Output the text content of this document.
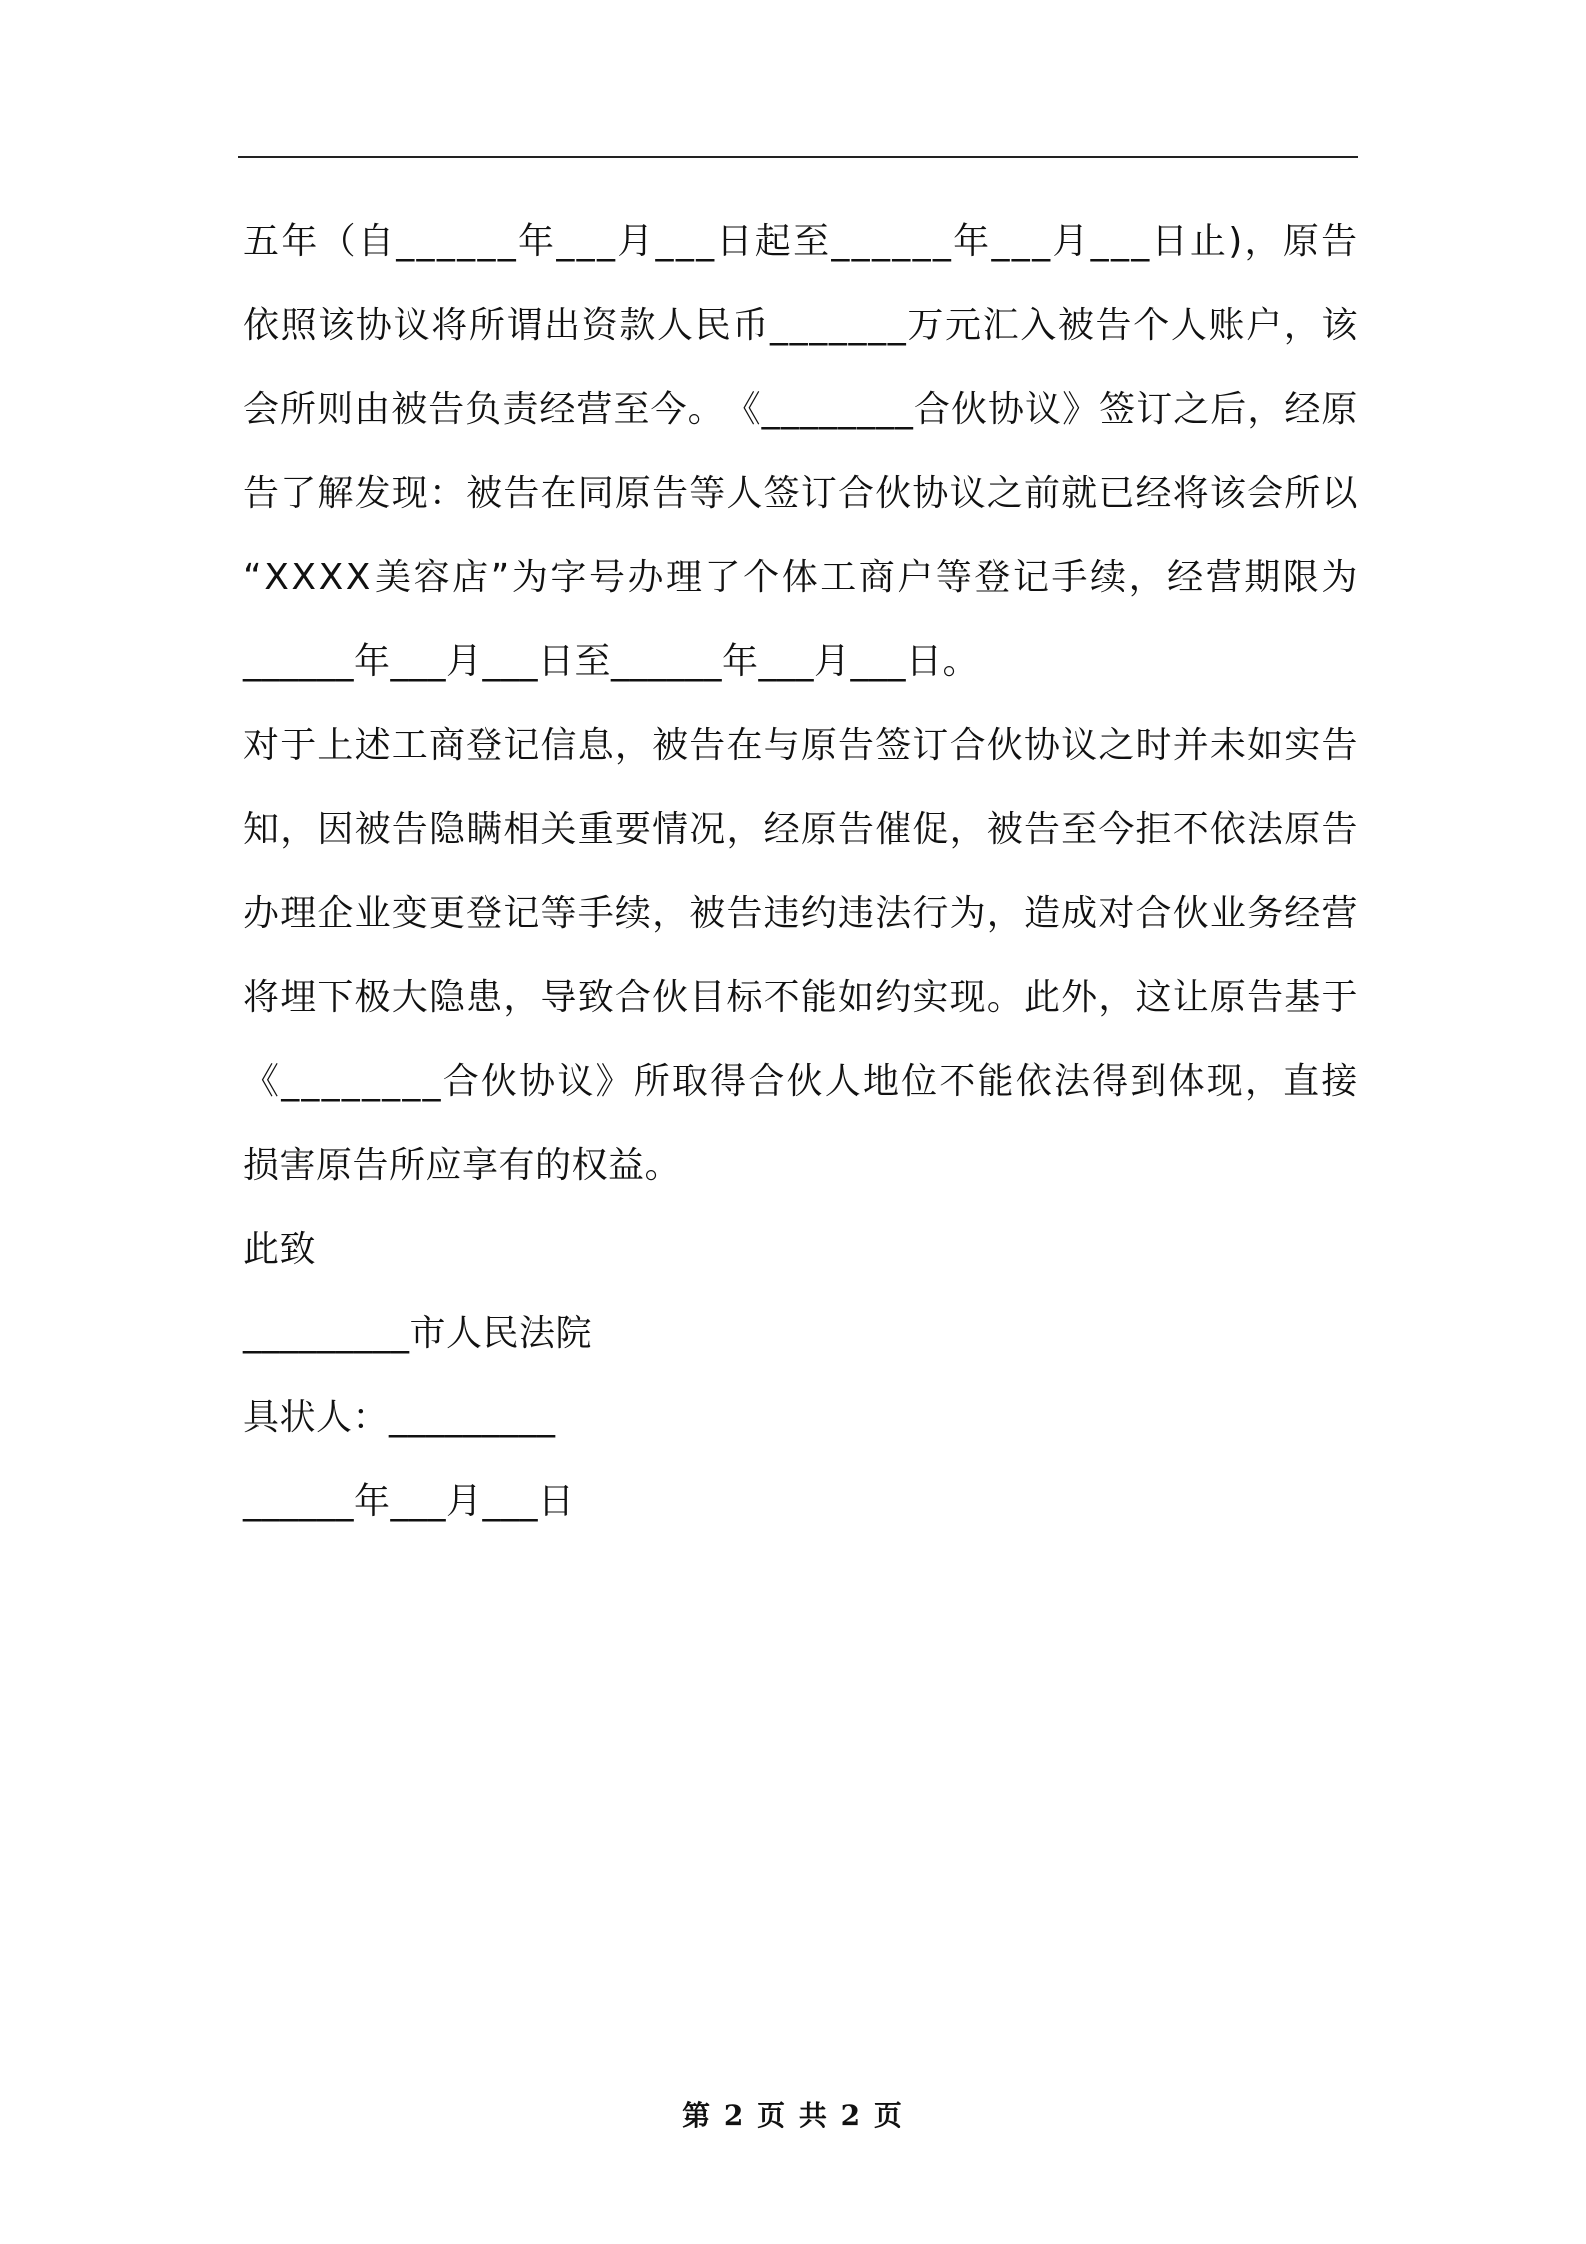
五 年 （ 自 _ _ _ _ _ _ 年 _ _ _ 月 _ _ _ 日 起 至 _ _ _ _ _ _ 年 _ _ _ 月 _ _ _ 日 止 ) ， 原 告
依 照 该 协 议 将 所 谓 出 资 款 人 民 币 _ _ _ _ _ _ _ 万 元 汇 入 被 告 个 人 账 户 ， 该
会 所 则 由 被 告 负 责 经 营 至 今 。 《 _ _ _ _ _ _ _ _ 合 伙 协 议 》 签 订 之 后 ， 经 原
告 了 解 发 现 ： 被 告 在 同 原 告 等 人 签 订 合 伙 协 议 之 前 就 已 经 将 该 会 所 以
“ X X X X 美 容 店 ” 为 字 号 办 理 了 个 体 工 商 户 等 登 记 手 续 ， 经 营 期 限 为
______年___月___日至______年___月___日。
对 于 上 述 工 商 登 记 信 息 ， 被 告 在 与 原 告 签 订 合 伙 协 议 之 时 并 未 如 实 告
知 ， 因 被 告 隐 瞒 相 关 重 要 情 况 ， 经 原 告 催 促 ， 被 告 至 今 拒 不 依 法 原 告
办 理 企 业 变 更 登 记 等 手 续 ， 被 告 违 约 违 法 行 为 ， 造 成 对 合 伙 业 务 经 营
将 埋 下 极 大 隐 患 ， 导 致 合 伙 目 标 不 能 如 约 实 现 。 此 外 ， 这 让 原 告 基 于
《 _ _ _ _ _ _ _ _ 合 伙 协 议 》 所 取 得 合 伙 人 地 位 不 能 依 法 得 到 体 现 ， 直 接
损害原告所应享有的权益。
此致
_________市人民法院
具状人：_________
______年___月___日
第 2 页 共 2 页
